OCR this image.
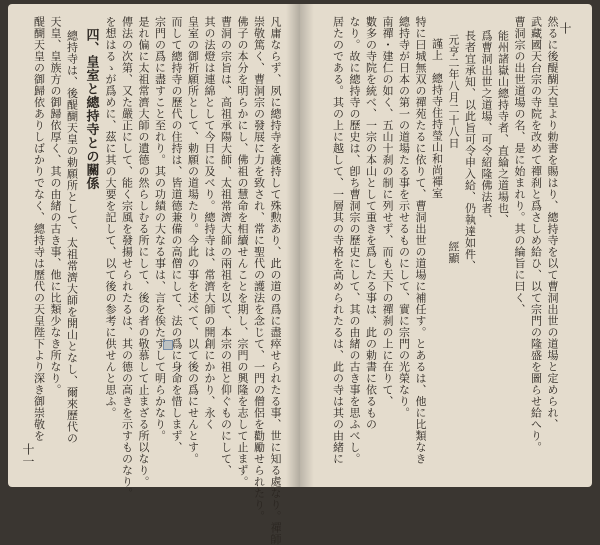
凡庸ならず、夙に總持寺を護持して殊勲あり、此の道の爲に盡瘁せられたる事、世に知る處なり。禪師
崇敬篤く、曹洞宗の發展に力を致され、常に聖代の護法を念じて、一門の僧侶を勸勵せられたり。
佛子の本分を明らかにし、佛祖の慧命を相續せんことを期し、宗門の興隆を志して止まず。
曹洞の宗旨は、高祖承陽大師、太祖常濟大師の兩祖を以て、本宗の祖と仰ぐものにして、
其の法燈は連綿として今日に及べり。總持寺は、常濟大師の開創にかかり、永く
皇室の御祈願所として、勅願の道場たり。今此の事を述べて、以て後の爲にせんとす。
而して總持寺の歷代の住持は、皆道德兼備の高僧にして、法の爲に身命を惜しまず、
宗門の爲に盡すこと至れり。其の功績の大なる事は、言を俟たずして明らかなり。
是れ偏に太祖常濟大師の遺德の然らしむる所にして、後の者の敬慕して止まざる所以なり。
傳法の次第、又た嚴正にして、能く宗風を發揚せられたるは、其の德の高きを示すものなり。
を想はるゝが爲めに、茲に其の大要を記して、以て後の参考に供せんと思ふ。
四、皇室と總持寺との關係
總持寺は、後醍醐天皇の勅願所として、太祖常濟大師を開山となし、爾來歷代の
天皇、皇族方の御歸依厚く、其の由緒の古き事、他に比類少なき所なり。
醍醐天皇の御歸依ありしばかりでなく、總持寺は歷代の天皇陛下より深き御崇敬を
十一
然るに後醍醐天皇より勅書を賜はり、總持寺を以て曹洞出世の道場と定められ、
武藏國天台宗の寺院を改めて禪刹と爲さしめ給ひ、以て宗門の隆盛を圖らせ給へり。
曹洞宗の出世道場の名、是に始まれり。其の綸旨に曰く、
能州諸嶽山總持寺者、直綸之道場也、
爲曹洞出世之道場、可令紹隆佛法者、
長者宜承知、以此旨可令申入給、仍執達如件、
元亨二年八月二十八日　　　　　　　　經顯
謹上　總持寺住持瑩山和尚禪室
特に曰城無双の禪苑たるに依りて、曹洞出世の道場に補任す。とあるは、他に比類なき
總持寺が日本の第一の道場たる事を示せるものにして、實に宗門の光榮なり。
南禪・建仁の如く、五山十刹の制に列せず、而も天下の禪刹の上に在りて、
數多の寺院を統べ、一宗の本山として重きを爲したる事は、此の勅書に依るもの
なり。故に總持寺の歷史は、卽ち曹洞宗の歷史にして、其の由緒の古き事を思ふべし。
居たのである。其の上に越して、一層其の寺格を高められたるは、此の寺は其の由緒に	十
